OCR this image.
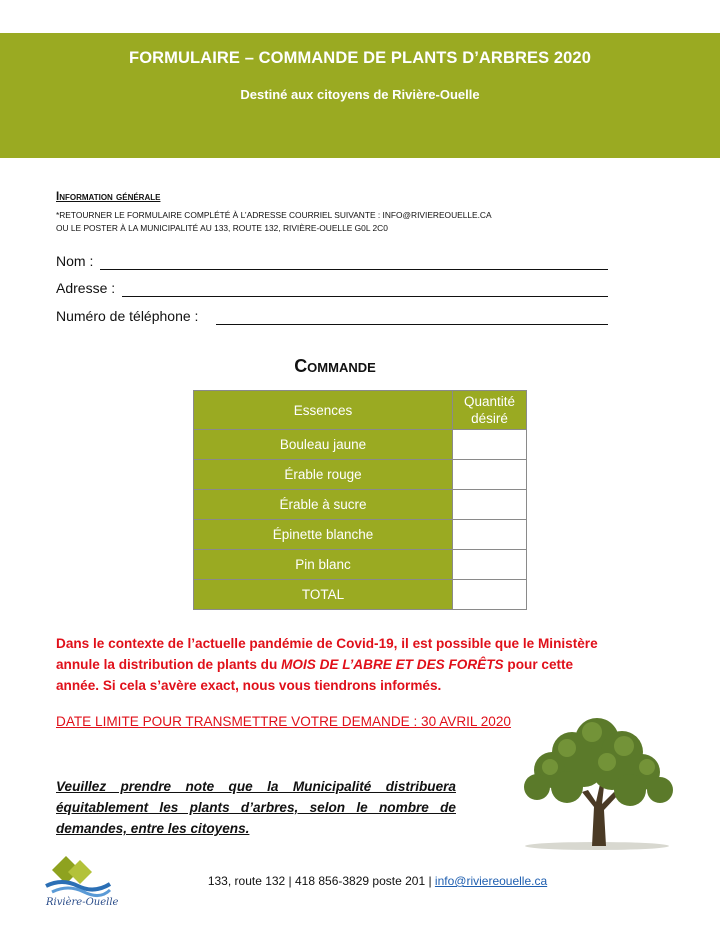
FORMULAIRE – COMMANDE DE PLANTS D’ARBRES 2020
Destiné aux citoyens de Rivière-Ouelle
Information générale
*RETOURNER LE FORMULAIRE COMPLÉTÉ À L’ADRESSE COURRIEL SUIVANTE : INFO@RIVIEREOUELLE.CA
OU LE POSTER À LA MUNICIPALITÉ AU 133, ROUTE 132, RIVIÈRE-OUELLE G0L 2C0
Nom :
Adresse :
Numéro de téléphone :
Commande
Essences	Quantité
désiré

Bouleau jaune	
Érable rouge	
Érable à sucre	
Épinette blanche	
Pin blanc	
TOTAL	
Dans le contexte de l’actuelle pandémie de Covid-19, il est possible que le Ministère annule la distribution de plants du MOIS DE L’ABRE ET DES FORÊTS pour cette année. Si cela s’avère exact, nous vous tiendrons informés.
DATE LIMITE POUR TRANSMETTRE VOTRE DEMANDE : 30 AVRIL 2020
Veuillez prendre note que la Municipalité distribuera équitablement les plants d’arbres, selon le nombre de demandes, entre les citoyens.
Rivière-Ouelle
133, route 132 | 418 856-3829 poste 201 | info@riviereouelle.ca
